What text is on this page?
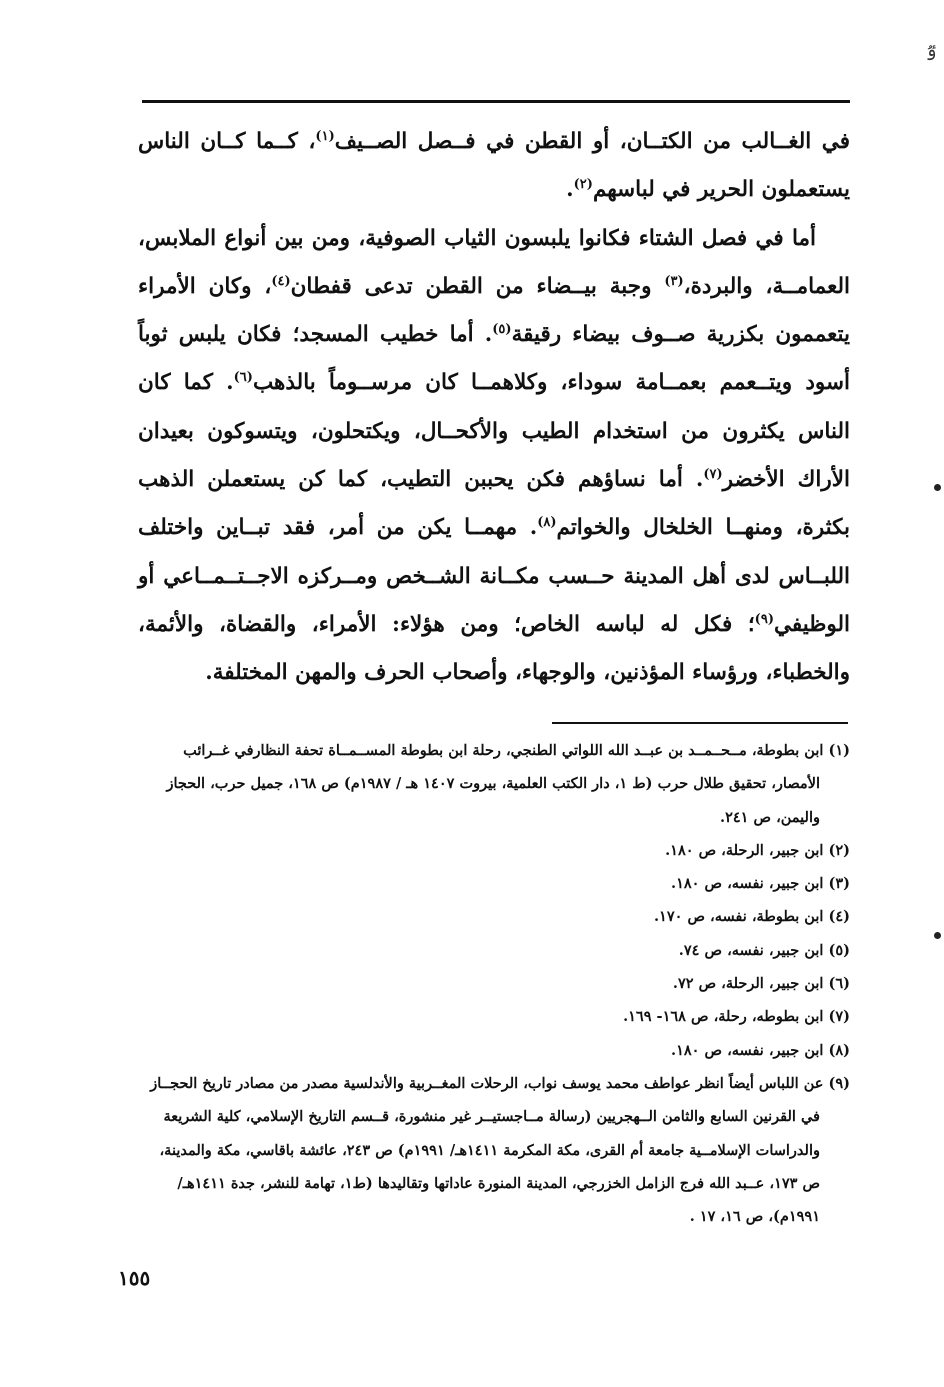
ٷ

في الغــالب من الكتــان، أو القطن في فــصل الصــيف$^{(١)}$، كــما كــان الناس يستعملون الحرير في لباسهم$^{(٢)}$.

أما في فصل الشتاء فكانوا يلبسون الثياب الصوفية، ومن بين أنواع الملابس، العمامــة، والبردة،$^{(٣)}$ وجبة بيــضاء من القطن تدعى قفطان$^{(٤)}$، وكان الأمراء يتعممون بكزرية صــوف بيضاء رقيقة$^{(٥)}$. أما خطيب المسجد؛ فكان يلبس ثوباً أسود ويتــعمم بعمــامة سوداء، وكلاهمــا كان مرســوماً بالذهب$^{(٦)}$. كما كان الناس يكثرون من استخدام الطيب والأكحــال، ويكتحلون، ويتسوكون بعيدان الأراك الأخضر$^{(٧)}$. أما نساؤهم فكن يحببن التطيب، كما كن يستعملن الذهب بكثرة، ومنهــا الخلخال والخواتم$^{(٨)}$. مهمــا يكن من أمر، فقد تبــاين واختلف اللبــاس لدى أهل المدينة حــسب مكــانة الشــخص ومــركزه الاجــتــمــاعي أو الوظيفي$^{(٩)}$؛ فكل له لباسه الخاص؛ ومن هؤلاء: الأمراء، والقضاة، والأئمة، والخطباء، ورؤساء المؤذنين، والوجهاء، وأصحاب الحرف والمهن المختلفة.

(١) ابن بطوطة، مــحــمــد بن عبــد الله اللواتي الطنجي، رحلة ابن بطوطة المســمــاة تحفة النظارفي غــرائب الأمصار، تحقيق طلال حرب (ط ١، دار الكتب العلمية، بيروت ١٤٠٧ هـ / ١٩٨٧م) ص ١٦٨، جميل حرب، الحجاز واليمن، ص ٢٤١.
(٢) ابن جبير، الرحلة، ص ١٨٠.
(٣) ابن جبير، نفسه، ص ١٨٠.
(٤) ابن بطوطة، نفسه، ص ١٧٠.
(٥) ابن جبير، نفسه، ص ٧٤.
(٦) ابن جبير، الرحلة، ص ٧٢.
(٧) ابن بطوطه، رحلة، ص ١٦٨- ١٦٩.
(٨) ابن جبير، نفسه، ص ١٨٠.
(٩) عن اللباس أيضاً انظر عواطف محمد يوسف نواب، الرحلات المغــربية والأندلسية مصدر من مصادر تاريخ الحجــاز في القرنين السابع والثامن الــهجريين (رسالة مــاجستيــر غير منشورة، قــسم التاريخ الإسلامي، كلية الشريعة والدراسات الإسلامــية جامعة أم القرى، مكة المكرمة ١٤١١هـ/ ١٩٩١م) ص ٢٤٣، عائشة باقاسي، مكة والمدينة، ص ١٧٣، عــبد الله فرج الزامل الخزرجي، المدينة المنورة عاداتها وتقاليدها (ط١، تهامة للنشر، جدة ١٤١١هـ/ ١٩٩١م)، ص ١٦، ١٧ .
١٥٥
